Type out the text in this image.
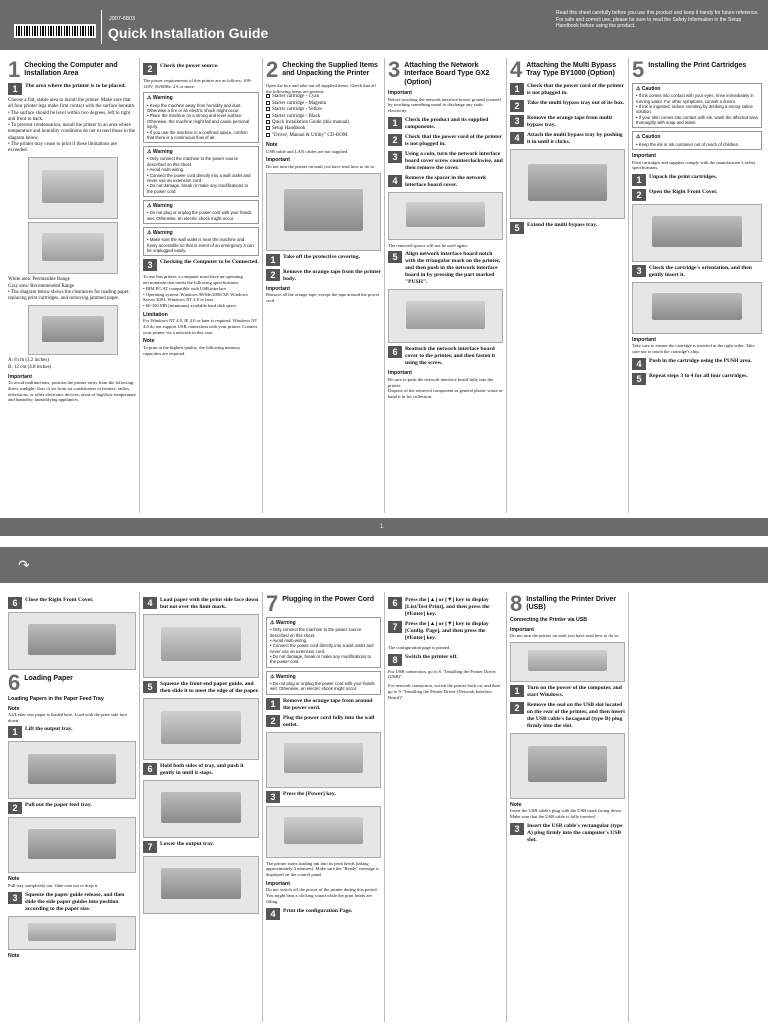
J007-6803
Quick Installation Guide
Read this sheet carefully before you use this product and keep it handy for future reference. For safe and correct use, please be sure to read the Safety Information in the Setup Handbook before using the product.
1 Checking the Computer and Installation Area
1	The area where the printer is to be placed.

Choose a flat, stable area to install the printer. Make sure that all four printer legs make firm contact with the surface beneath.

• The surface should be level within two degrees, left to right and front to back.
• To prevent condensation, install the printer in an area where temperature and humidity conditions do not exceed those in the diagram below.
• The printer may cease to print if these limitations are exceeded.

White area: Permissible Range

Gray area: Recommended Range

• The diagram below shows the clearances for loading paper, replacing print cartridges, and removing jammed paper.

A: 8 cm (3.2 inches)

B: 12 cm (4.8 inches)

Important

To avoid malfunctions, position the printer away from the following: direct sunlight; flow of air from air conditioners or heaters; radios, televisions, or other electronic devices; areas of high/low temperature and humidity; humidifying appliances.

2	Check the power source.

The power requirements of this printer are as follows: 100-120V, 50/60Hz, 2A or more.

⚠ Warning
• Keep the machine away from humidity and dust. Otherwise a fire or an electric shock might occur.
• Place the machine on a strong and level surface. Otherwise, the machine might fall and cause personal injury.
• If you use the machine in a confined space, confirm that there is a continuous flow of air.
⚠ Warning
• Only connect the machine to the power source described on this sheet.
• Avoid multi-wiring.
• Connect the power cord directly into a wall outlet and never use an extension cord.
• Do not damage, break or make any modifications to the power cord.
⚠ Warning
• Do not plug or unplug the power cord with your hands wet. Otherwise, an electric shock might occur.
⚠ Warning
• Make sure the wall outlet is near the machine and freely accessible so that in event of an emergency it can be unplugged easily.
3	Checking the Computer to be Connected.

To use this printer, a computer must have an operating environment that meets the following specifications.

• IBM PC/AT compatible with USB interface
• Operating system: Windows 98/Me/2000/XP, Windows Server 2003, Windows NT 4.0 or later
• 60-100 MB (minimum) available hard disk space
Limitation

For Windows NT 4.0, IE 4.0 or later is required. Windows NT 4.0 do not support USB connection with your printer. Connect your printer via a network in this case.

Note

To print at the highest quality, the following memory capacities are required.

2 Checking the Supplied Items and Unpacking the Printer

Open the box and take out all supplied items. Check that all the following items are present:

Starter cartridge - Cyan
Starter cartridge - Magenta
Starter cartridge - Yellow
Starter cartridge - Black
Quick Installation Guide (this manual)
Setup Handbook
"Driver, Manual & Utility" CD-ROM
Note

USB cable and LAN cables are not supplied.

Important

Do not turn the printer on until you have read how to do so.

1	Take off the protective covering.
2	Remove the orange tape from the printer body.
Important

Remove all the orange tape, except the tape around the power cord.

3 Attaching the Network Interface Board Type GX2 (Option)
Important

Before touching the network interface board, ground yourself by touching something metal to discharge any static electricity.

1	Check the product and its supplied components.
2	Check that the power cord of the printer is not plugged in.
3	Using a coin, turn the network interface board cover screw counterclockwise, and then remove the cover.
4	Remove the spacer in the network interface board cover.

The removed spacer will not be used again.

5	Align network interface board notch with the triangular mark on the printer, and then push in the network interface board in by pressing the part marked "PUSH".
6	Reattach the network interface board cover to the printer, and then fasten it using the screw.
Important

Be sure to push the network interface board fully into the printer.

Dispose of the removed component as general plastic waste or hand it in for collection.

4 Attaching the Multi Bypass Tray Type BY1000 (Option)
1	Check that the power cord of the printer is not plugged in.
2	Take the multi bypass tray out of its box.
3	Remove the orange tape from multi bypass tray.
4	Attach the multi bypass tray by pushing it in until it clicks.
5	Extend the multi bypass tray.
5 Installing the Print Cartridges
⚠ Caution
• If ink comes into contact with your eyes, rinse immediately in running water. For other symptoms, consult a doctor.
• If ink is ingested, induce vomiting by drinking a strong saline solution.
• If your skin comes into contact with ink, wash the affected area thoroughly with soap and water.
⚠ Caution
• Keep the ink or ink container out of reach of children.
Important

Print cartridges and supplies comply with the manufacturer's safety specifications.

1	Unpack the print cartridges.
2	Open the Right Front Cover.
3	Check the cartridge's orientation, and then gently insert it.
Important

Take care to ensure the cartridge is inserted in the right order. Take care not to touch the cartridge's chip.

4	Push in the cartridge using the PUSH area.
5	Repeat steps 3 to 4 for all four cartridges.
1
↷
6	Close the Right Front Cover.
6 Loading Paper
Loading Papers in the Paper Feed Tray
Note

A4/Letter size paper is loaded here. Load with the print side face down.

1	Lift the output tray.
2	Pull out the paper feed tray.
Note

Pull tray completely out. Take care not to drop it.

3	Squeeze the paper guide release, and then slide the side paper guides into position according to the paper size.
Note
4	Load paper with the print side face down but not over the limit mark.
5	Squeeze the front-end paper guide, and then slide it to meet the edge of the paper.
6	Hold both sides of tray, and push it gently in until it stops.
7	Lower the output tray.
7 Plugging in the Power Cord
⚠ Warning
• Only connect the machine to the power source described on this sheet.
• Avoid multi-wiring.
• Connect the power cord directly into a wall outlet and never use an extension cord.
• Do not damage, break or make any modifications to the power cord.
⚠ Warning
• Do not plug or unplug the power cord with your hands wet. Otherwise, an electric shock might occur.
1	Remove the orange tape from around the power cord.
2	Plug the power cord fully into the wall outlet.
3	Press the [Power] key.

The printer starts loading ink into its print heads (taking approximately 4 minutes). Make sure the "Ready" message is displayed on the control panel.

Important

Do not switch off the power of the printer during this period. You might hear a clicking sound while the print heads are filling.

4	Print the configuration Page.
6	Press the [▲] or [▼] key to display [List/Test Print], and then press the [#Enter] key.
7	Press the [▲] or [▼] key to display [Config. Page], and then press the [#Enter] key.

The configuration page is printed.

8	Switch the printer off.

For USB connection, go to 8. "Installing the Printer Driver (USB)".

For network connection, switch the printer back on, and then go to 9. "Installing the Printer Driver (Network Interface Board)".

8 Installing the Printer Driver (USB)
Connecting the Printer via USB
Important

Do not turn the printer on until you have read how to do so.

1	Turn on the power of the computer, and start Windows.
2	Remove the seal on the USB slot located on the rear of the printer, and then insert the USB cable's hexagonal (type B) plug firmly into the slot.
Note

Insert the USB cable's plug with the USB mark facing down. Make sure that the USB cable is fully inserted.

3	Insert the USB cable's rectangular (type A) plug firmly into the computer's USB slot.
